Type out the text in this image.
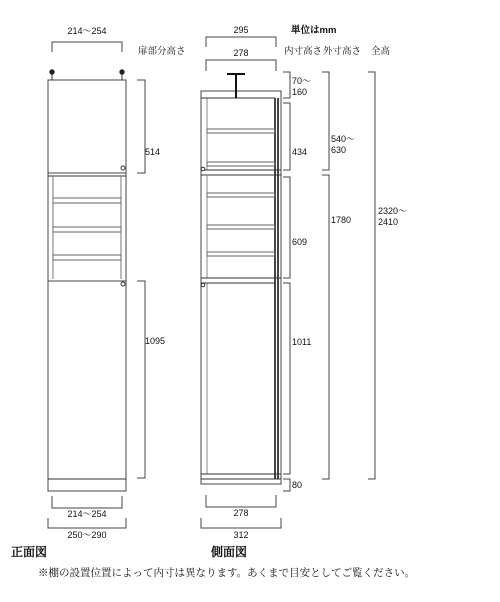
単位はmm
扉部分高さ	内寸高さ 外寸高さ 全高
214〜254
514
1095
214〜254
250〜290
正面図
295
278
278
312
側面図
70〜
160
434
609
1011
80
540〜
630
1780
2320〜
2410
※棚の設置位置によって内寸は異なります。あくまで目安としてご覧ください。
